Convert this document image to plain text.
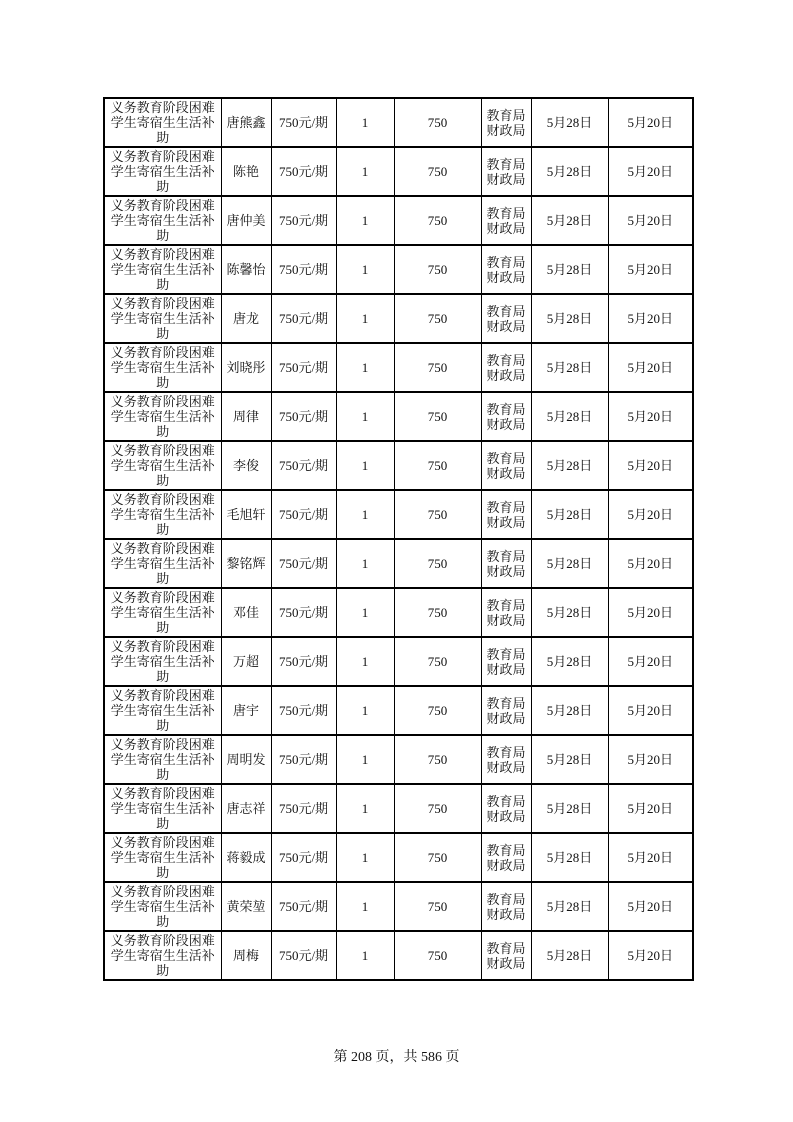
义务教育阶段困难学生寄宿生生活补助	唐熊鑫	750元/期	1	750	教育局财政局	5月28日	5月20日
义务教育阶段困难学生寄宿生生活补助	陈艳	750元/期	1	750	教育局财政局	5月28日	5月20日
义务教育阶段困难学生寄宿生生活补助	唐仲美	750元/期	1	750	教育局财政局	5月28日	5月20日
义务教育阶段困难学生寄宿生生活补助	陈馨怡	750元/期	1	750	教育局财政局	5月28日	5月20日
义务教育阶段困难学生寄宿生生活补助	唐龙	750元/期	1	750	教育局财政局	5月28日	5月20日
义务教育阶段困难学生寄宿生生活补助	刘晓彤	750元/期	1	750	教育局财政局	5月28日	5月20日
义务教育阶段困难学生寄宿生生活补助	周律	750元/期	1	750	教育局财政局	5月28日	5月20日
义务教育阶段困难学生寄宿生生活补助	李俊	750元/期	1	750	教育局财政局	5月28日	5月20日
义务教育阶段困难学生寄宿生生活补助	毛旭轩	750元/期	1	750	教育局财政局	5月28日	5月20日
义务教育阶段困难学生寄宿生生活补助	黎铭辉	750元/期	1	750	教育局财政局	5月28日	5月20日
义务教育阶段困难学生寄宿生生活补助	邓佳	750元/期	1	750	教育局财政局	5月28日	5月20日
义务教育阶段困难学生寄宿生生活补助	万超	750元/期	1	750	教育局财政局	5月28日	5月20日
义务教育阶段困难学生寄宿生生活补助	唐宇	750元/期	1	750	教育局财政局	5月28日	5月20日
义务教育阶段困难学生寄宿生生活补助	周明发	750元/期	1	750	教育局财政局	5月28日	5月20日
义务教育阶段困难学生寄宿生生活补助	唐志祥	750元/期	1	750	教育局财政局	5月28日	5月20日
义务教育阶段困难学生寄宿生生活补助	蒋毅成	750元/期	1	750	教育局财政局	5月28日	5月20日
义务教育阶段困难学生寄宿生生活补助	黄荣堃	750元/期	1	750	教育局财政局	5月28日	5月20日
义务教育阶段困难学生寄宿生生活补助	周梅	750元/期	1	750	教育局财政局	5月28日	5月20日
第 208 页，共 586 页
